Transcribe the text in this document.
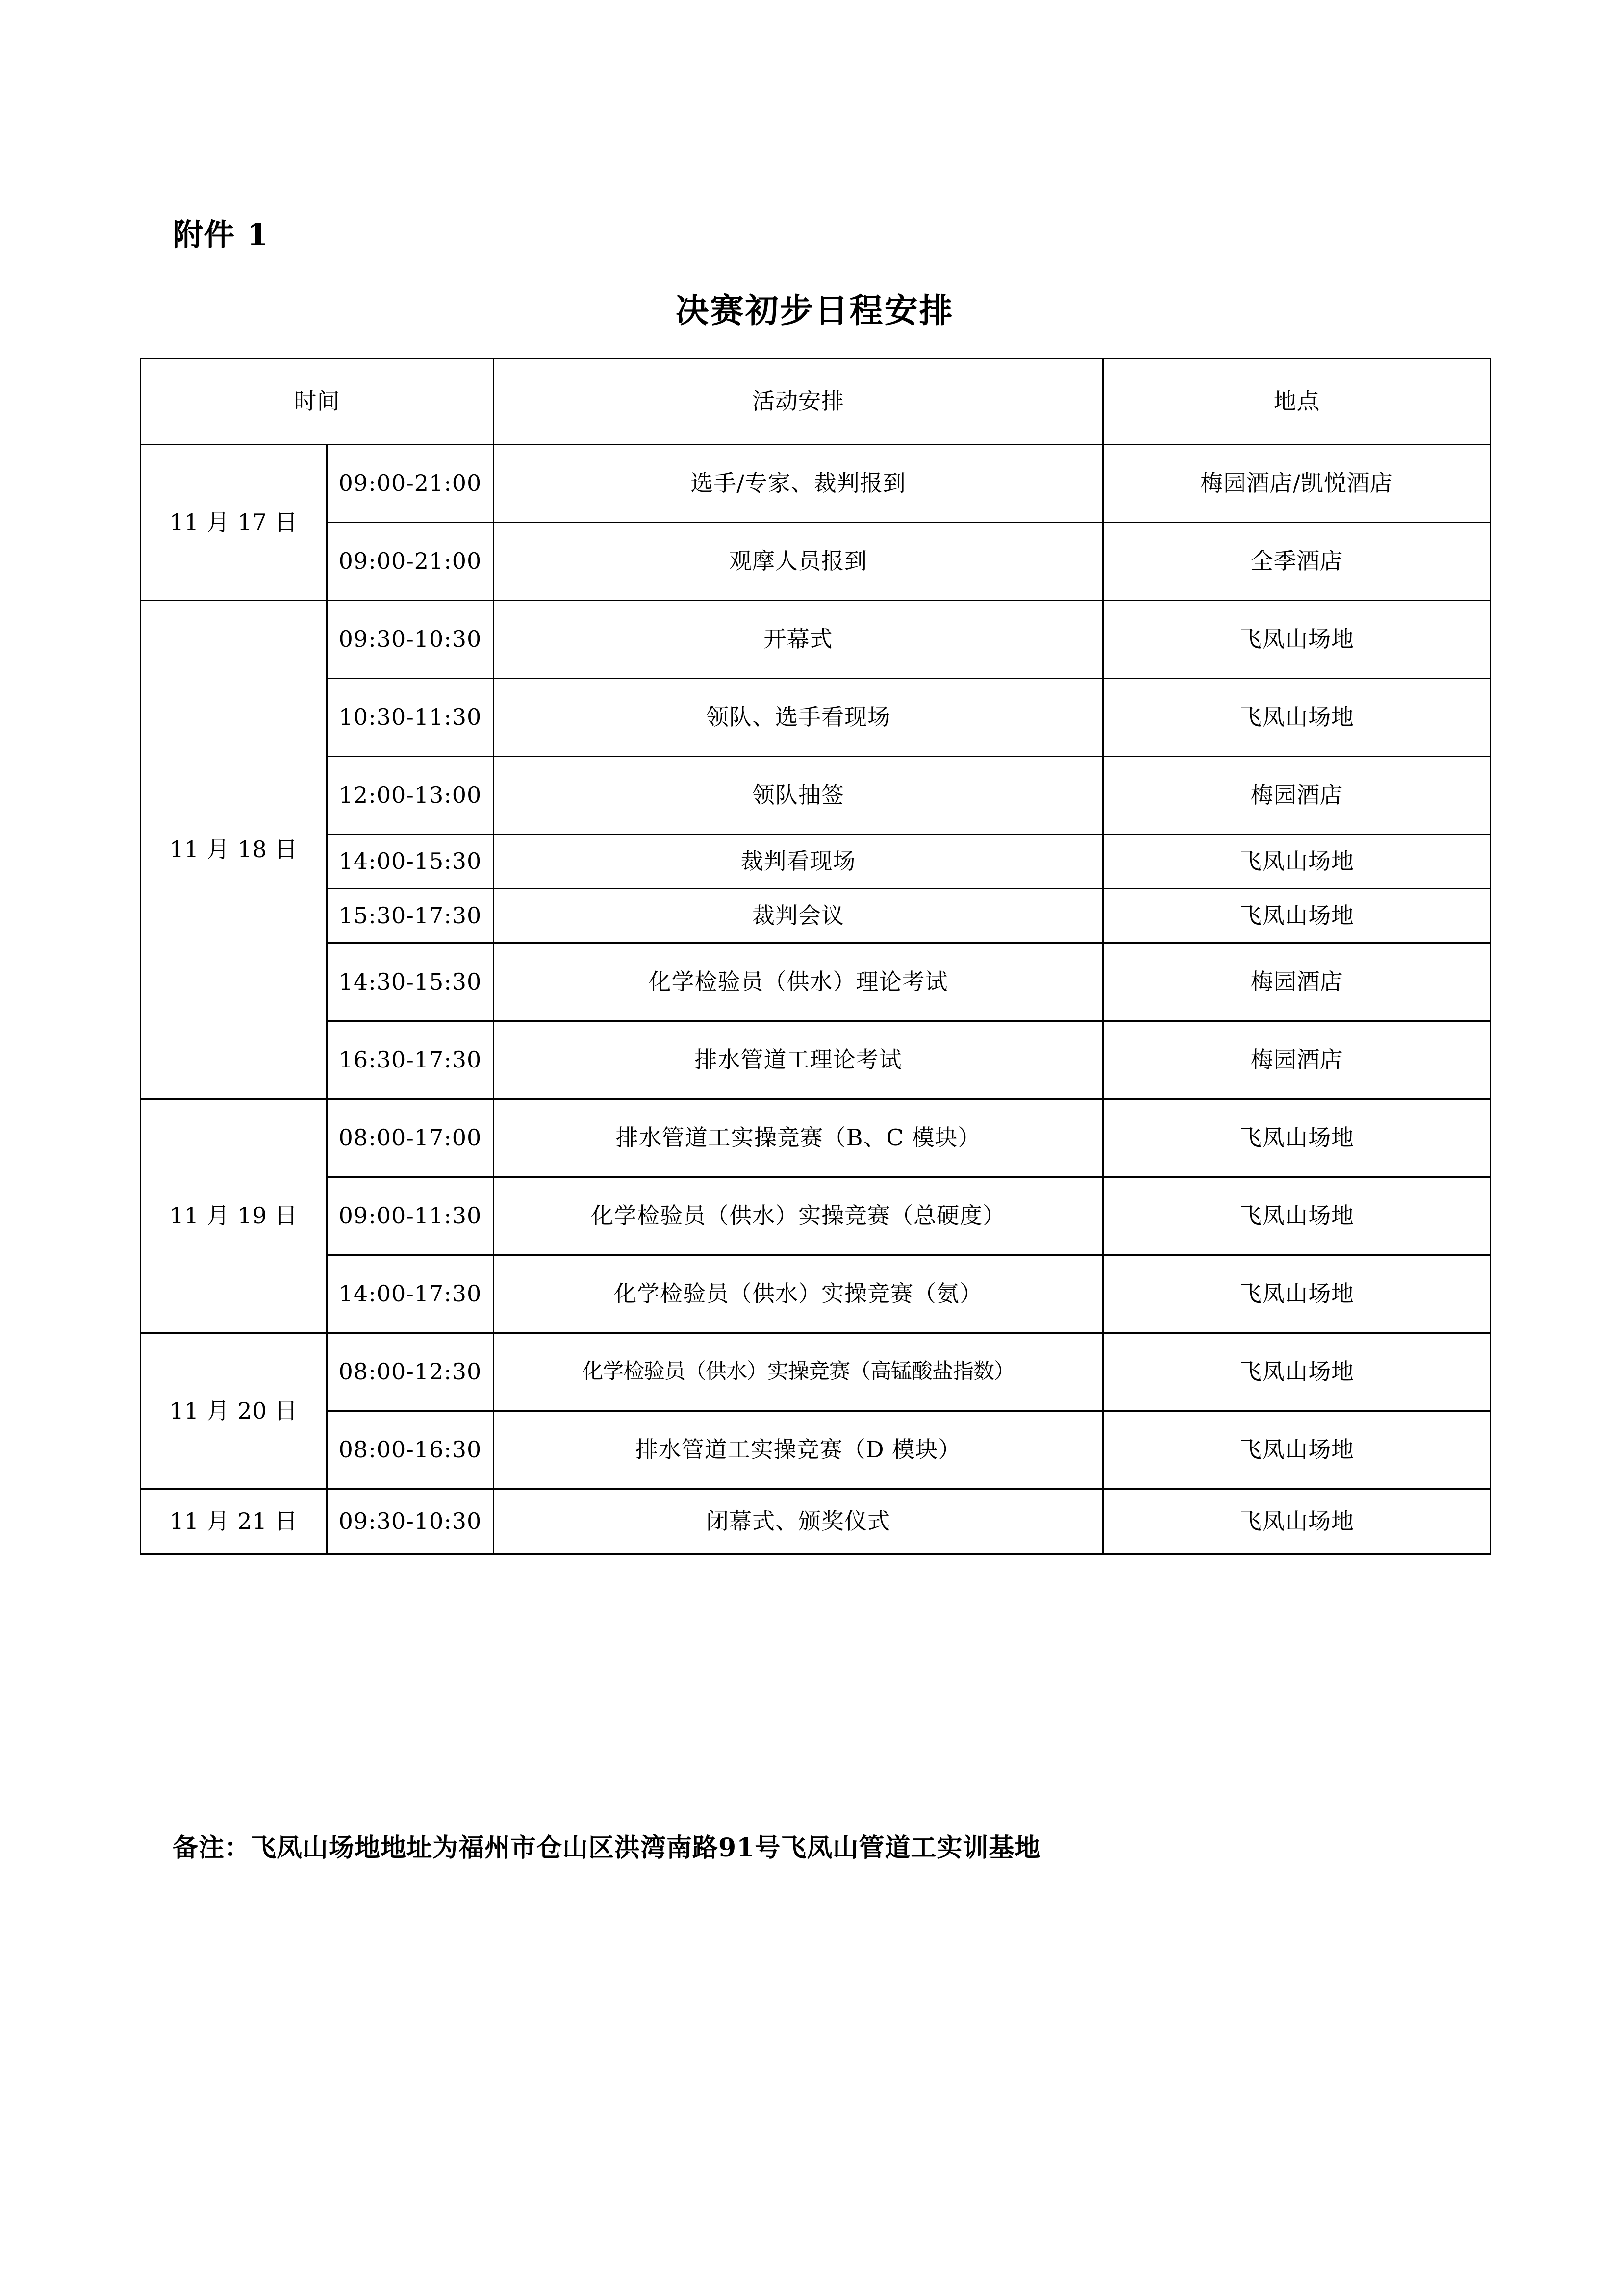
附件 1
决赛初步日程安排
时间		活动安排	地点
11 月 17 日	09:00-21:00	选手/专家、裁判报到	梅园酒店/凯悦酒店
	09:00-21:00	观摩人员报到	全季酒店
11 月 18 日	09:30-10:30	开幕式	飞凤山场地
	10:30-11:30	领队、选手看现场	飞凤山场地
	12:00-13:00	领队抽签	梅园酒店
	14:00-15:30	裁判看现场	飞凤山场地
	15:30-17:30	裁判会议	飞凤山场地
	14:30-15:30	化学检验员（供水）理论考试	梅园酒店
	16:30-17:30	排水管道工理论考试	梅园酒店
11 月 19 日	08:00-17:00	排水管道工实操竞赛（B、C 模块）	飞凤山场地
	09:00-11:30	化学检验员（供水）实操竞赛（总硬度）	飞凤山场地
	14:00-17:30	化学检验员（供水）实操竞赛（氨）	飞凤山场地
11 月 20 日	08:00-12:30	化学检验员（供水）实操竞赛（高锰酸盐指数）	飞凤山场地
	08:00-16:30	排水管道工实操竞赛（D 模块）	飞凤山场地
11 月 21 日	09:30-10:30	闭幕式、颁奖仪式	飞凤山场地
备注：飞凤山场地地址为福州市仓山区洪湾南路91号飞凤山管道工实训基地
